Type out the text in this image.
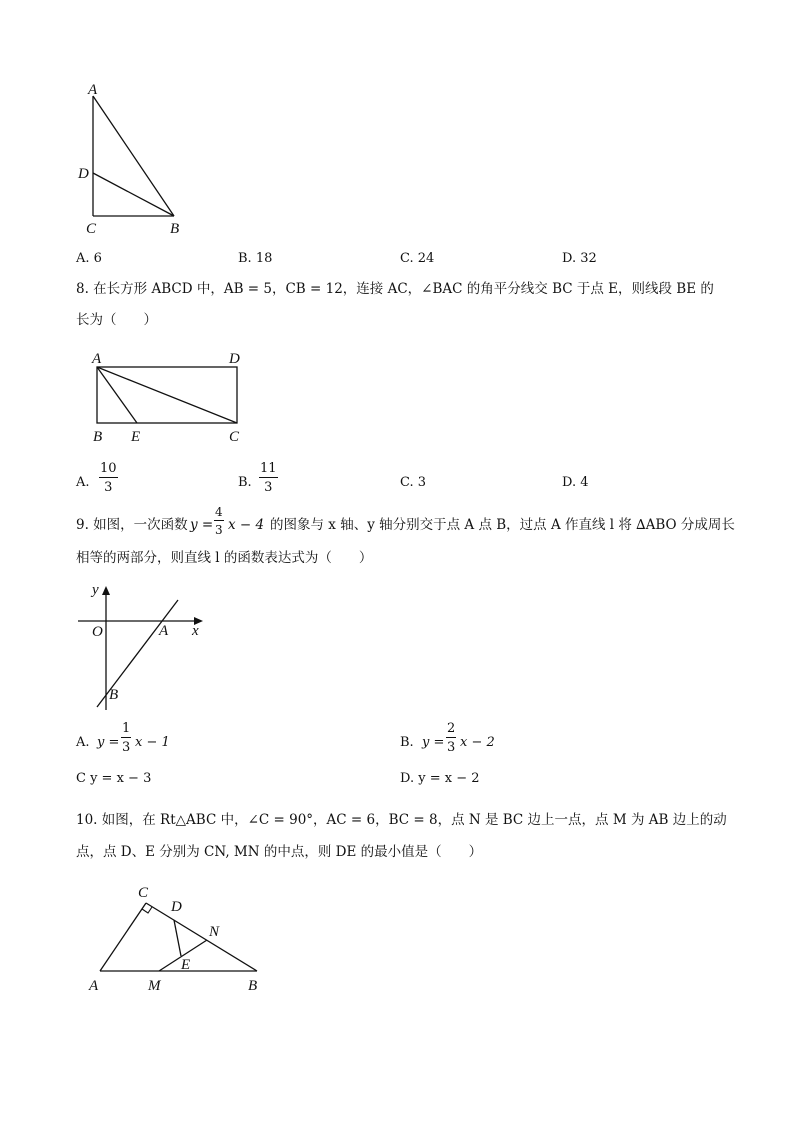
A
D
C	B
A. 6	B. 18	C. 24	D. 32
8. 在长方形 ABCD 中，AB = 5，CB = 12，连接 AC，∠BAC 的角平分线交 BC 于点 E，则线段 BE 的
长为（　　）
A	D
B E	C
A. $\frac{10}{3}$	B. $\frac{11}{3}$	C. 3	D. 4
9. 如图，一次函数 $y = \frac{4}{3}$ x − 4 的图象与 x 轴、y 轴分别交于点 A 点 B，过点 A 作直线 l 将 ∆ABO 分成周长
相等的两部分，则直线 l 的函数表达式为（　　）
y
x
O	A
B
A. $y = \frac{1}{3}$ x − 1	B. $y = \frac{2}{3}$ x − 2
C y = x − 3	D. y = x − 2
10. 如图，在 Rt△ABC 中，∠C = 90°，AC = 6，BC = 8，点 N 是 BC 边上一点，点 M 为 AB 边上的动
点，点 D、E 分别为 CN, MN 的中点，则 DE 的最小值是（　　）
C
D
N
E
A	M	B
